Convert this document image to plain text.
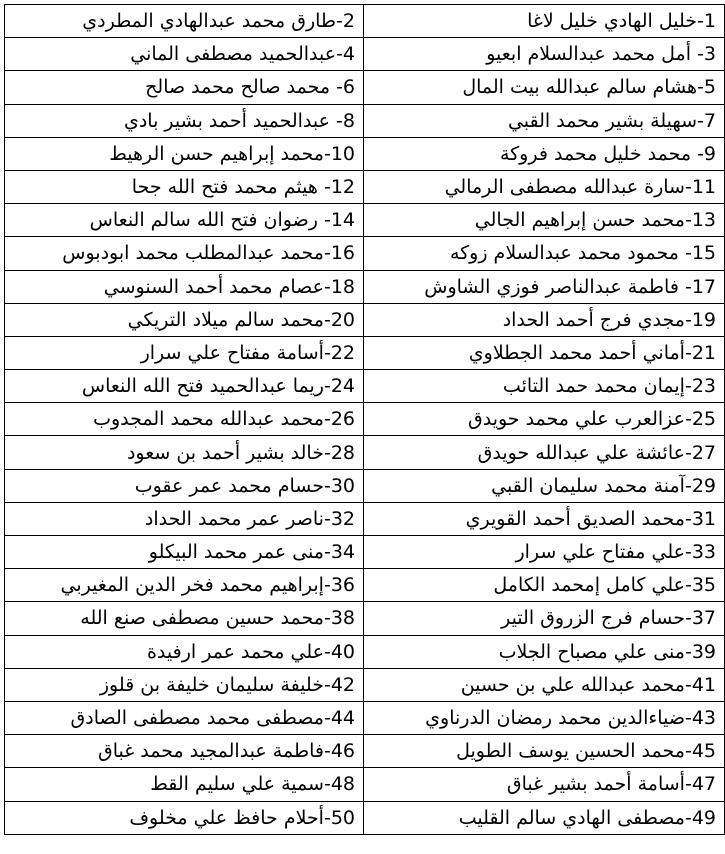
1-خليل الهادي خليل لاغا	2-طارق محمد عبدالهادي المطردي
3- أمل محمد عبدالسلام ابعيو	4-عبدالحميد مصطفى الماني
5-هشام سالم عبدالله بيت المال	6- محمد صالح محمد صالح
7-سهيلة بشير محمد القبي	8- عبدالحميد أحمد بشير بادي
9- محمد خليل محمد فروكة	10-محمد إبراهيم حسن الرهيط
11-سارة عبدالله مصطفى الرمالي	12- هيثم محمد فتح الله جحا
13-محمد حسن إبراهيم الجالي	14- رضوان فتح الله سالم النعاس
15- محمود محمد عبدالسلام زوكه	16-محمد عبدالمطلب محمد ابودبوس
17- فاطمة عبدالناصر فوزي الشاوش	18-عصام محمد أحمد السنوسي
19-مجدي فرج أحمد الحداد	20-محمد سالم ميلاد التريكي
21-أماني أحمد محمد الجطلاوي	22-أسامة مفتاح علي سرار
23-إيمان محمد حمد التائب	24-ريما عبدالحميد فتح الله النعاس
25-عزالعرب علي محمد حويدق	26-محمد عبدالله محمد المجدوب
27-عائشة علي عبدالله حويدق	28-خالد بشير أحمد بن سعود
29-آمنة محمد سليمان القبي	30-حسام محمد عمر عقوب
31-محمد الصديق أحمد القويري	32-ناصر عمر محمد الحداد
33-علي مفتاح علي سرار	34-منى عمر محمد البيكلو
35-علي كامل إمحمد الكامل	36-إبراهيم محمد فخر الدين المغيربي
37-حسام فرج الزروق التير	38-محمد حسين مصطفى صنع الله
39-منى علي مصباح الجلاب	40-علي محمد عمر ارفيدة
41-محمد عبدالله علي بن حسين	42-خليفة سليمان خليفة بن قلوز
43-ضياءالدين محمد رمضان الدرناوي	44-مصطفى محمد مصطفى الصادق
45-محمد الحسين يوسف الطويل	46-فاطمة عبدالمجيد محمد غباق
47-أسامة أحمد بشير غباق	48-سمية علي سليم القط
49-مصطفى الهادي سالم القليب	50-أحلام حافظ علي مخلوف
